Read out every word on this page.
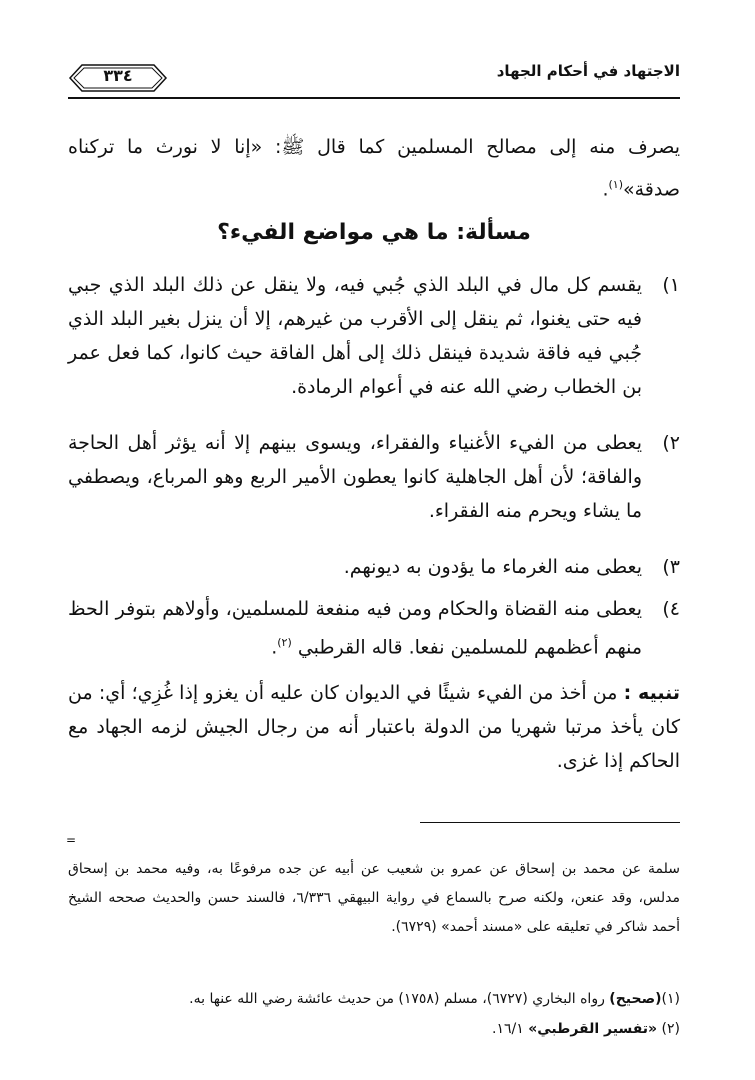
الاجتهاد في أحكام الجهاد
٣٣٤
يصرف منه إلى مصالح المسلمين كما قال ﷺ: «إنا لا نورث ما تركناه صدقة»$^{(١)}$.
مسألة: ما هي مواضع الفيء؟
١)
يقسم كل مال في البلد الذي جُبي فيه، ولا ينقل عن ذلك البلد الذي جبي فيه حتى يغنوا، ثم ينقل إلى الأقرب من غيرهم، إلا أن ينزل بغير البلد الذي جُبي فيه فاقة شديدة فينقل ذلك إلى أهل الفاقة حيث كانوا، كما فعل عمر بن الخطاب رضي الله عنه في أعوام الرمادة.
٢)
يعطى من الفيء الأغنياء والفقراء، ويسوى بينهم إلا أنه يؤثر أهل الحاجة والفاقة؛ لأن أهل الجاهلية كانوا يعطون الأمير الربع وهو المرباع، ويصطفي ما يشاء ويحرم منه الفقراء.
٣)
يعطى منه الغرماء ما يؤدون به ديونهم.
٤)
يعطى منه القضاة والحكام ومن فيه منفعة للمسلمين، وأولاهم بتوفر الحظ منهم أعظمهم للمسلمين نفعا. قاله القرطبي $^{(٢)}$.
تنبيه : من أخذ من الفيء شيئًا في الديوان كان عليه أن يغزو إذا غُزِي؛ أي: من كان يأخذ مرتبا شهريا من الدولة باعتبار أنه من رجال الجيش لزمه الجهاد مع الحاكم إذا غزى.
=
سلمة عن محمد بن إسحاق عن عمرو بن شعيب عن أبيه عن جده مرفوعًا به، وفيه محمد بن إسحاق مدلس، وقد عنعن، ولكنه صرح بالسماع في رواية البيهقي ٦/٣٣٦، فالسند حسن والحديث صححه الشيخ أحمد شاكر في تعليقه على «مسند أحمد» (٦٧٢٩).
(١)(صحيح) رواه البخاري (٦٧٢٧)، مسلم (١٧٥٨) من حديث عائشة رضي الله عنها به.
(٢) «تفسير القرطبي» ١٦/١.
